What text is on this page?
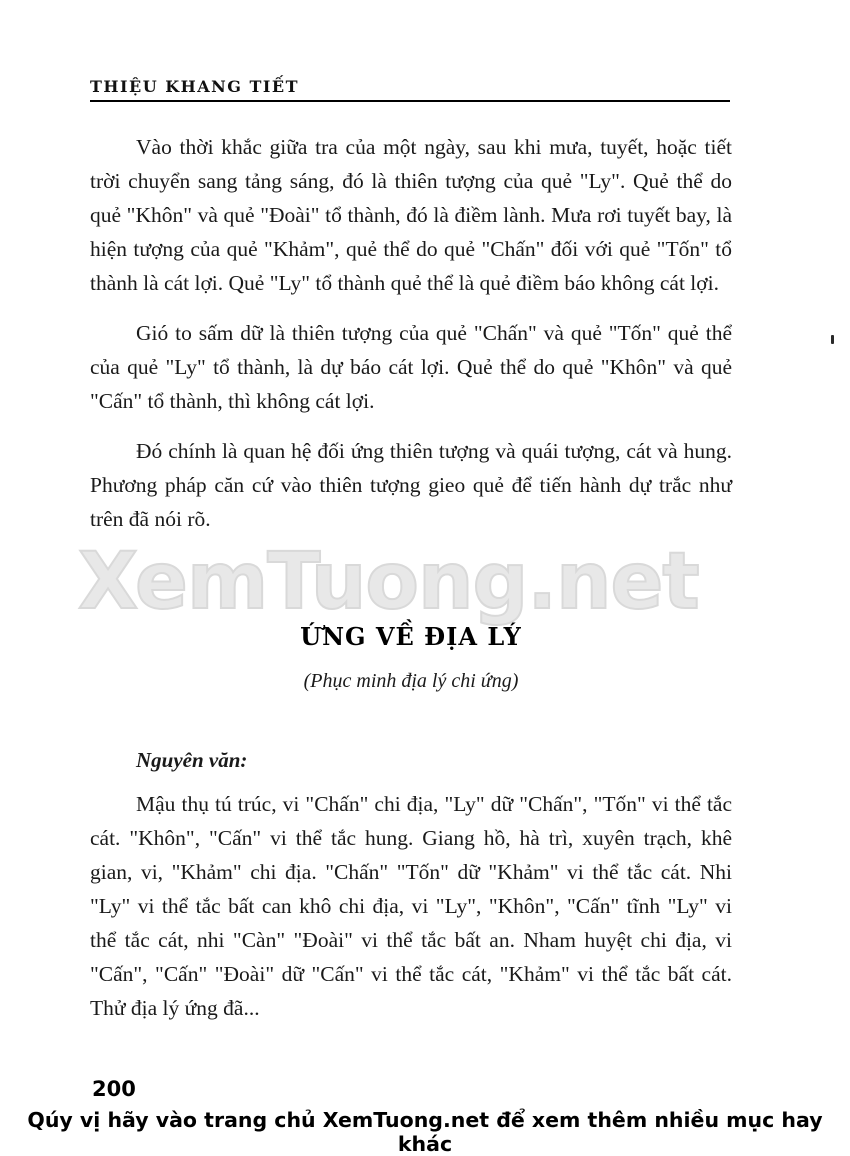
THIỆU KHANG TIẾT

Vào thời khắc giữa tra của một ngày, sau khi mưa, tuyết, hoặc tiết trời chuyển sang tảng sáng, đó là thiên tượng của quẻ "Ly". Quẻ thể do quẻ "Khôn" và quẻ "Đoài" tổ thành, đó là điềm lành. Mưa rơi tuyết bay, là hiện tượng của quẻ "Khảm", quẻ thể do quẻ "Chấn" đối với quẻ "Tốn" tổ thành là cát lợi. Quẻ "Ly" tổ thành quẻ thể là quẻ điềm báo không cát lợi.

Gió to sấm dữ là thiên tượng của quẻ "Chấn" và quẻ "Tốn" quẻ thể của quẻ "Ly" tổ thành, là dự báo cát lợi. Quẻ thể do quẻ "Khôn" và quẻ "Cấn" tổ thành, thì không cát lợi.

Đó chính là quan hệ đối ứng thiên tượng và quái tượng, cát và hung. Phương pháp căn cứ vào thiên tượng gieo quẻ để tiến hành dự trắc như trên đã nói rõ.

XemTuong.net
ỨNG VỀ ĐỊA LÝ
(Phục minh địa lý chi ứng)
Nguyên văn:

Mậu thụ tú trúc, vi "Chấn" chi địa, "Ly" dữ "Chấn", "Tốn" vi thể tắc cát. "Khôn", "Cấn" vi thể tắc hung. Giang hồ, hà trì, xuyên trạch, khê gian, vi, "Khảm" chi địa. "Chấn" "Tốn" dữ "Khảm" vi thể tắc cát. Nhi "Ly" vi thể tắc bất can khô chi địa, vi "Ly", "Khôn", "Cấn" tĩnh "Ly" vi thể tắc cát, nhi "Càn" "Đoài" vi thể tắc bất an. Nham huyệt chi địa, vi "Cấn", "Cấn" "Đoài" dữ "Cấn" vi thể tắc cát, "Khảm" vi thể tắc bất cát. Thử địa lý ứng đã...

200
Qúy vị hãy vào trang chủ XemTuong.net để xem thêm nhiều mục hay khác
